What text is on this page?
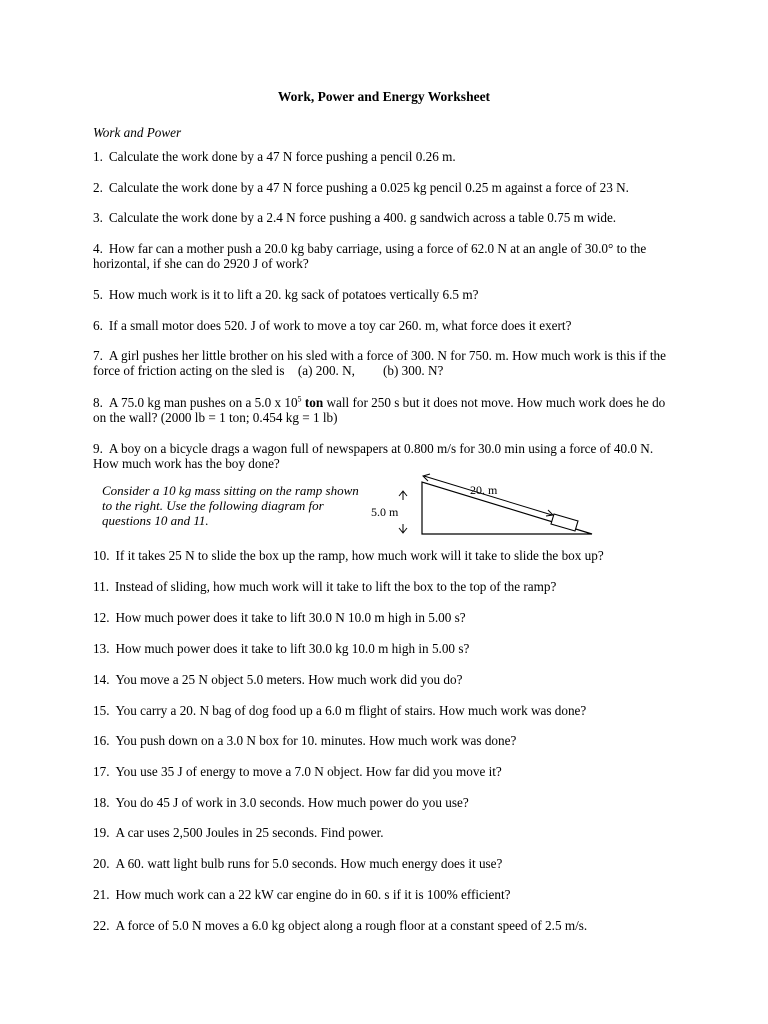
Work, Power and Energy Worksheet
Work and Power

1. Calculate the work done by a 47 N force pushing a pencil 0.26 m.

2. Calculate the work done by a 47 N force pushing a 0.025 kg pencil 0.25 m against a force of 23 N.

3. Calculate the work done by a 2.4 N force pushing a 400. g sandwich across a table 0.75 m wide.

4. How far can a mother push a 20.0 kg baby carriage, using a force of 62.0 N at an angle of 30.0° to the horizontal, if she can do 2920 J of work?

5. How much work is it to lift a 20. kg sack of potatoes vertically 6.5 m?

6. If a small motor does 520. J of work to move a toy car 260. m, what force does it exert?

7. A girl pushes her little brother on his sled with a force of 300. N for 750. m. How much work is this if the force of friction acting on the sled is (a) 200. N, (b) 300. N?

8. A 75.0 kg man pushes on a 5.0 x $10^5$ ton wall for 250 s but it does not move. How much work does he do on the wall? (2000 lb = 1 ton; 0.454 kg = 1 lb)

9. A boy on a bicycle drags a wagon full of newspapers at 0.800 m/s for 30.0 min using a force of 40.0 N. How much work has the boy done?

Consider a 10 kg mass sitting on the ramp shown to the right. Use the following diagram for questions 10 and 11.
20. m
5.0 m

10. If it takes 25 N to slide the box up the ramp, how much work will it take to slide the box up?

11. Instead of sliding, how much work will it take to lift the box to the top of the ramp?

12. How much power does it take to lift 30.0 N 10.0 m high in 5.00 s?

13. How much power does it take to lift 30.0 kg 10.0 m high in 5.00 s?

14. You move a 25 N object 5.0 meters. How much work did you do?

15. You carry a 20. N bag of dog food up a 6.0 m flight of stairs. How much work was done?

16. You push down on a 3.0 N box for 10. minutes. How much work was done?

17. You use 35 J of energy to move a 7.0 N object. How far did you move it?

18. You do 45 J of work in 3.0 seconds. How much power do you use?

19. A car uses 2,500 Joules in 25 seconds. Find power.

20. A 60. watt light bulb runs for 5.0 seconds. How much energy does it use?

21. How much work can a 22 kW car engine do in 60. s if it is 100% efficient?

22. A force of 5.0 N moves a 6.0 kg object along a rough floor at a constant speed of 2.5 m/s.
